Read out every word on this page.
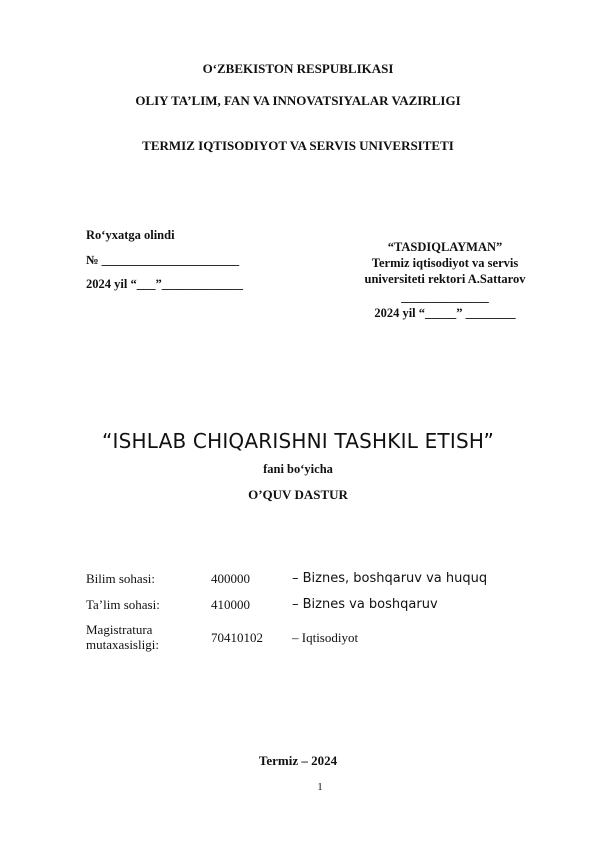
O‘ZBEKISTON RESPUBLIKASI
OLIY TA’LIM, FAN VA INNOVATSIYALAR VAZIRLIGI
TERMIZ IQTISODIYOT VA SERVIS UNIVERSITETI
Ro‘yxatga olindi
№ ______________________
2024 yil “___”_____________
“TASDIQLAYMAN”
Termiz iqtisodiyot va servis
universiteti rektori A.Sattarov
______________
2024 yil “_____” ________
“ISHLAB CHIQARISHNI TASHKIL ETISH”
fani bo‘yicha
O’QUV DASTUR
Bilim sohasi:	400000	– Biznes, boshqaruv va huquq
Ta’lim sohasi:	410000	– Biznes va boshqaruv
Magistratura
mutaxasisligi:	70410102 – Iqtisodiyot
Termiz – 2024
1
